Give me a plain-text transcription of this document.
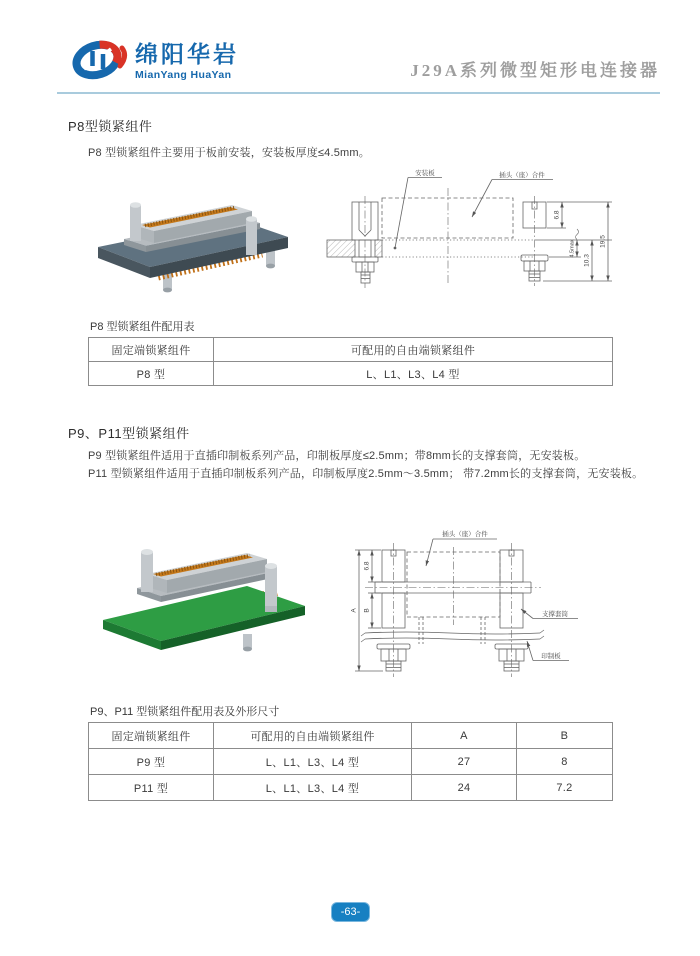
绵阳华岩
MianYang HuaYan	J29A系列微型矩形电连接器
P8型锁紧组件
P8 型锁紧组件主要用于板前安装，安装板厚度≤4.5mm。
安装板	插头（座）合件
6.8
4.5max
10.3
19.5
P8 型锁紧组件配用表
固定端锁紧组件	可配用的自由端锁紧组件
P8 型	L、L1、L3、L4 型
P9、P11型锁紧组件
P9 型锁紧组件适用于直插印制板系列产品，印制板厚度≤2.5mm；带8mm长的支撑套筒，无安装板。
P11 型锁紧组件适用于直插印制板系列产品，印制板厚度2.5mm～3.5mm； 带7.2mm长的支撑套筒，无安装板。
插头（座）合件
支撑套筒
印制板
A
6.8
B
P9、P11 型锁紧组件配用表及外形尺寸
固定端锁紧组件	可配用的自由端锁紧组件	A	B
P9 型	L、L1、L3、L4 型	27	8
P11 型	L、L1、L3、L4 型	24	7.2
-63-
